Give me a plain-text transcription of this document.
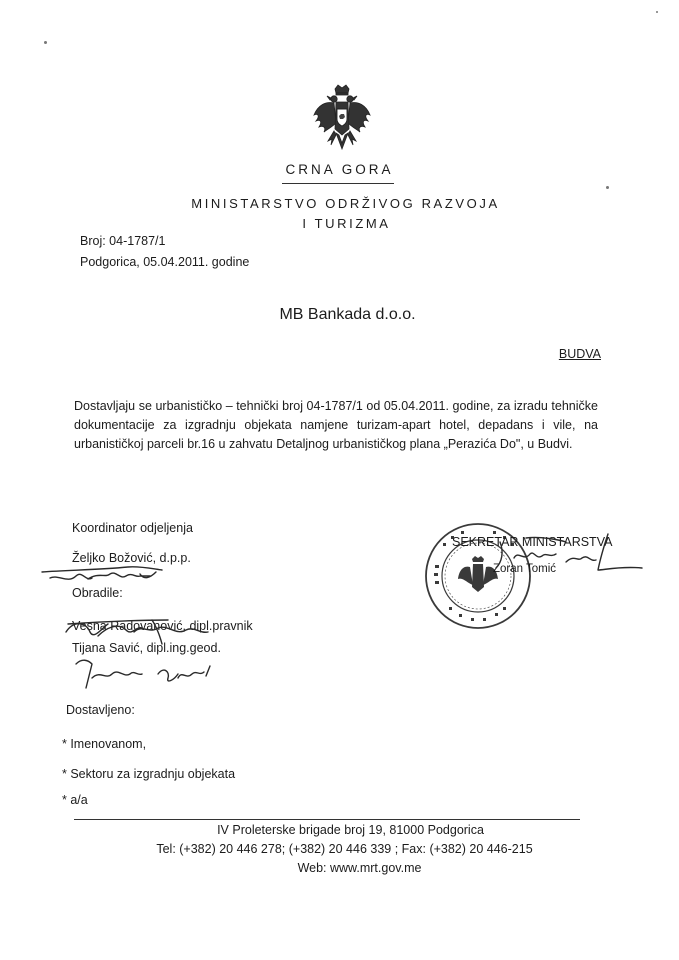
CRNA GORA
MINISTARSTVO ODRŽIVOG RAZVOJA
I TURIZMA
Broj: 04-1787/1
Podgorica, 05.04.2011. godine
MB Bankada d.o.o.
BUDVA

Dostavljaju se urbanističko – tehnički broj 04-1787/1 od 05.04.2011. godine, za izradu tehničke dokumentacije za izgradnju objekata namjene turizam-apart hotel, depadans i vile, na urbanističkoj parceli br.16 u zahvatu Detaljnog urbanističkog plana „Perazića Do", u Budvi.

Koordinator odjeljenja
Željko Božović, d.p.p.
Obradile:
Vesna Radovanović, dipl.pravnik
Tijana Savić, dipl.ing.geod.
SEKRETAR MINISTARSTVA
Zoran Tomić
Dostavljeno:
* Imenovanom,
* Sektoru za izgradnju objekata
* a/a
IV Proleterske brigade broj 19, 81000 Podgorica
Tel: (+382) 20 446 278; (+382) 20 446 339 ; Fax: (+382) 20 446-215
Web: www.mrt.gov.me
